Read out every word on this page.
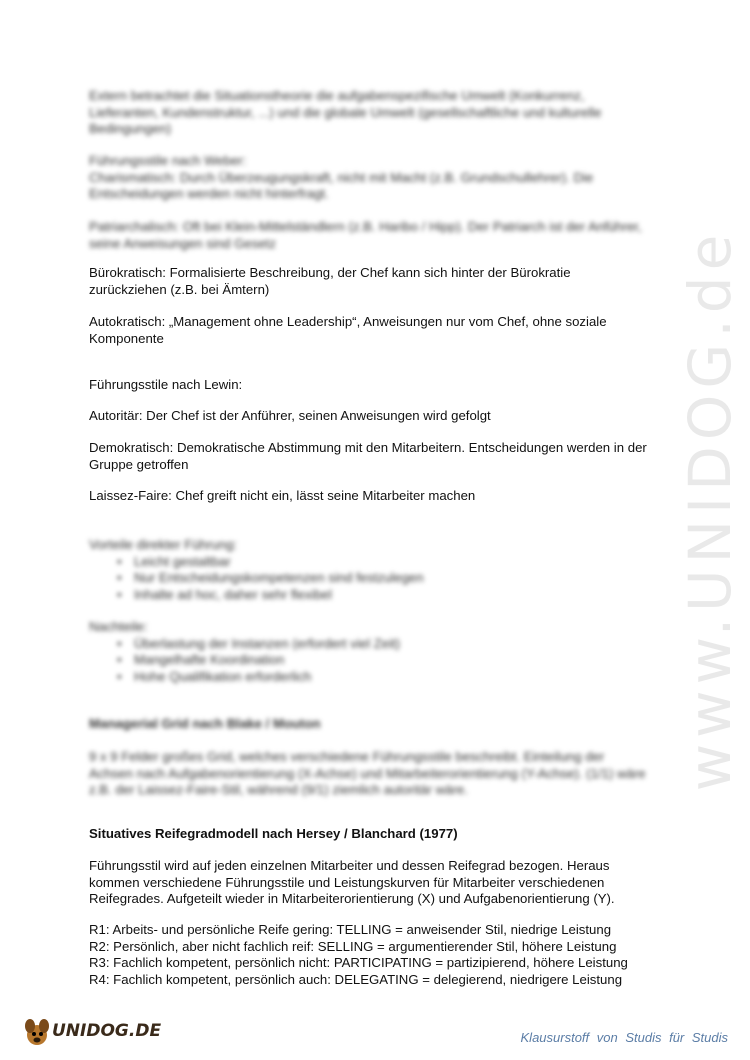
www.UNIDOG.de

Extern betrachtet die Situationstheorie die aufgabenspezifische Umwelt (Konkurrenz, Lieferanten, Kundenstruktur, ...) und die globale Umwelt (gesellschaftliche und kulturelle Bedingungen)

Führungsstile nach Weber:
Charismatisch: Durch Überzeugungskraft, nicht mit Macht (z.B. Grundschullehrer). Die Entscheidungen werden nicht hinterfragt.

Patriarchalisch: Oft bei Klein-Mittelständlern (z.B. Haribo / Hipp). Der Patriarch ist der Anführer, seine Anweisungen sind Gesetz

Bürokratisch: Formalisierte Beschreibung, der Chef kann sich hinter der Bürokratie zurückziehen (z.B. bei Ämtern)

Autokratisch: „Management ohne Leadership“, Anweisungen nur vom Chef, ohne soziale Komponente

Führungsstile nach Lewin:

Autoritär: Der Chef ist der Anführer, seinen Anweisungen wird gefolgt

Demokratisch: Demokratische Abstimmung mit den Mitarbeitern. Entscheidungen werden in der Gruppe getroffen

Laissez-Faire: Chef greift nicht ein, lässt seine Mitarbeiter machen

Vorteile direkter Führung:
• Leicht gestaltbar
• Nur Entscheidungskompetenzen sind festzulegen
• Inhalte ad hoc, daher sehr flexibel
Nachteile:
• Überlastung der Instanzen (erfordert viel Zeit)
• Mangelhafte Koordination
• Hohe Qualifikation erforderlich

Managerial Grid nach Blake / Mouton

9 x 9 Felder großes Grid, welches verschiedene Führungsstile beschreibt. Einteilung der Achsen nach Aufgabenorientierung (X-Achse) und Mitarbeiterorientierung (Y-Achse). (1/1) wäre z.B. der Laissez-Faire-Stil, während (9/1) ziemlich autoritär wäre.

Situatives Reifegradmodell nach Hersey / Blanchard (1977)

Führungsstil wird auf jeden einzelnen Mitarbeiter und dessen Reifegrad bezogen. Heraus kommen verschiedene Führungsstile und Leistungskurven für Mitarbeiter verschiedenen Reifegrades. Aufgeteilt wieder in Mitarbeiterorientierung (X) und Aufgabenorientierung (Y).

R1: Arbeits- und persönliche Reife gering: TELLING = anweisender Stil, niedrige Leistung
R2: Persönlich, aber nicht fachlich reif: SELLING = argumentierender Stil, höhere Leistung
R3: Fachlich kompetent, persönlich nicht: PARTICIPATING = partizipierend, höhere Leistung
R4: Fachlich kompetent, persönlich auch: DELEGATING = delegierend, niedrigere Leistung
UNIDOG.DE	Klausurstoff von Studis für Studis
